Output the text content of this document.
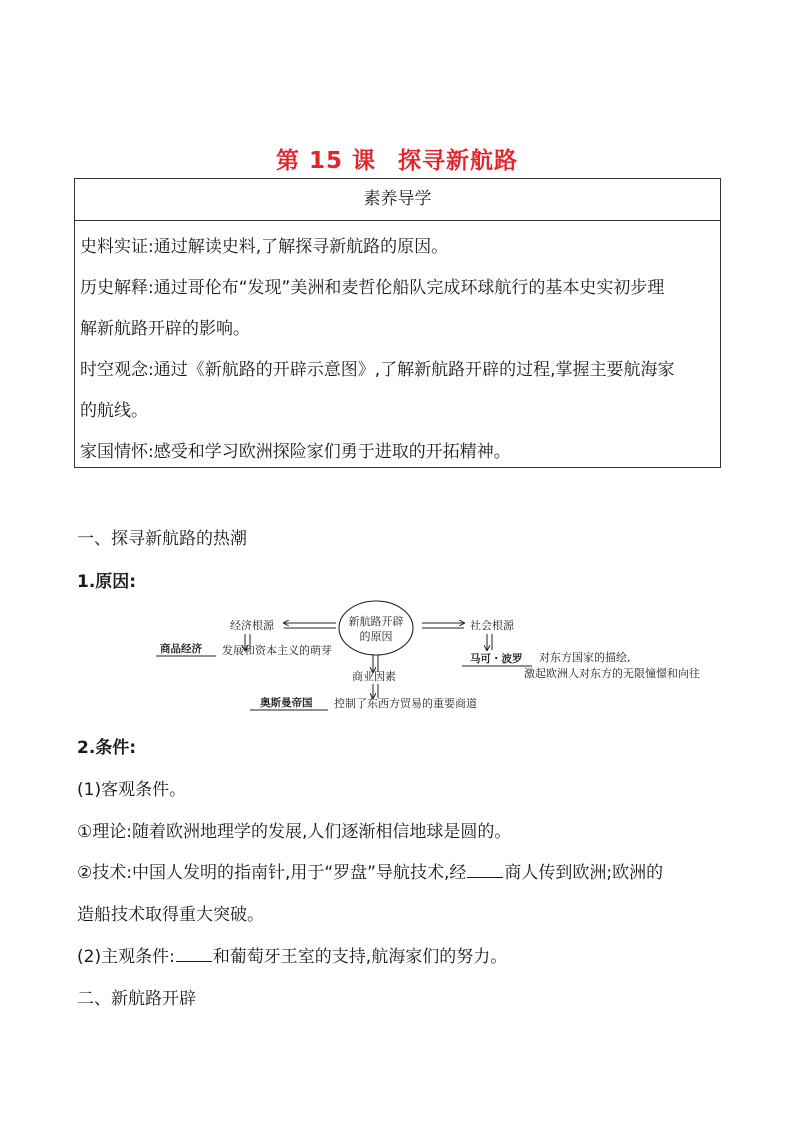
第 15 课 探寻新航路
素养导学

史料实证:通过解读史料,了解探寻新航路的原因。

历史解释:通过哥伦布“发现”美洲和麦哲伦船队完成环球航行的基本史实初步理

解新航路开辟的影响。

时空观念:通过《新航路的开辟示意图》,了解新航路开辟的过程,掌握主要航海家

的航线。

家国情怀:感受和学习欧洲探险家们勇于进取的开拓精神。

一、探寻新航路的热潮
1.原因:
新航路开辟
的原因
经济根源
商品经济 发展和资本主义的萌芽
社会根源
马可・波罗 对东方国家的描绘,
激起欧洲人对东方的无限憧憬和向往
商业因素
奥斯曼帝国 控制了东西方贸易的重要商道
2.条件:
(1)客观条件。
①理论:随着欧洲地理学的发展,人们逐渐相信地球是圆的。
②技术:中国人发明的指南针,用于“罗盘”导航技术,经 商人传到欧洲;欧洲的
造船技术取得重大突破。
(2)主观条件: 和葡萄牙王室的支持,航海家们的努力。
二、新航路开辟
